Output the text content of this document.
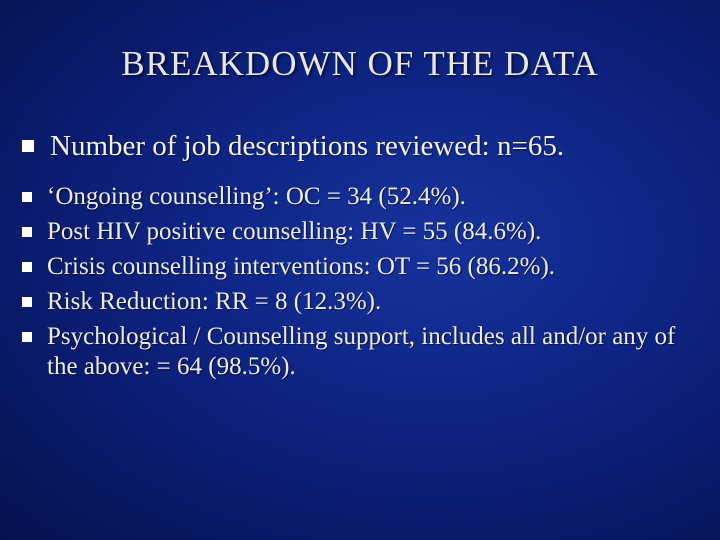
BREAKDOWN OF THE DATA
Number of job descriptions reviewed: n=65.
‘Ongoing counselling’: OC = 34 (52.4%).
Post HIV positive counselling: HV = 55 (84.6%).
Crisis counselling interventions: OT = 56 (86.2%).
Risk Reduction: RR = 8 (12.3%).
Psychological / Counselling support, includes all and/or any of the above: = 64 (98.5%).
